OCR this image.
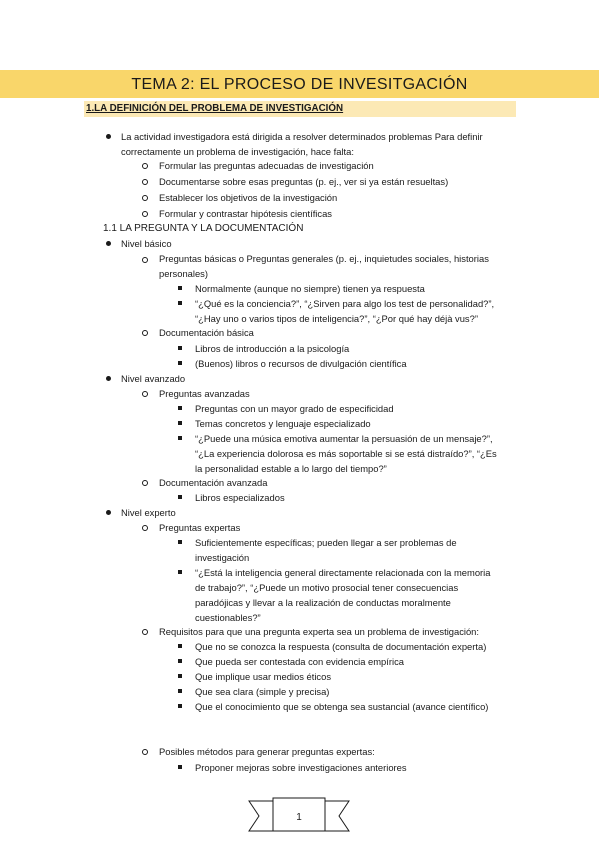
TEMA 2: EL PROCESO DE INVESITGACIÓN
1.LA DEFINICIÓN DEL PROBLEMA DE INVESTIGACIÓN
La actividad investigadora está dirigida a resolver determinados problemas Para definir
correctamente un problema de investigación, hace falta:
Formular las preguntas adecuadas de investigación
Documentarse sobre esas preguntas (p. ej., ver si ya están resueltas)
Establecer los objetivos de la investigación
Formular y contrastar hipótesis científicas
1.1 LA PREGUNTA Y LA DOCUMENTACIÓN
Nivel básico
Preguntas básicas o Preguntas generales (p. ej., inquietudes sociales, historias
personales)
Normalmente (aunque no siempre) tienen ya respuesta
“¿Qué es la conciencia?”, “¿Sirven para algo los test de personalidad?”,
“¿Hay uno o varios tipos de inteligencia?”, “¿Por qué hay déjà vus?”
Documentación básica
Libros de introducción a la psicología
(Buenos) libros o recursos de divulgación científica
Nivel avanzado
Preguntas avanzadas
Preguntas con un mayor grado de especificidad
Temas concretos y lenguaje especializado
“¿Puede una música emotiva aumentar la persuasión de un mensaje?”,
“¿La experiencia dolorosa es más soportable si se está distraído?”, “¿Es
la personalidad estable a lo largo del tiempo?”
Documentación avanzada
Libros especializados
Nivel experto
Preguntas expertas
Suficientemente específicas; pueden llegar a ser problemas de
investigación
“¿Está la inteligencia general directamente relacionada con la memoria
de trabajo?”, “¿Puede un motivo prosocial tener consecuencias
paradójicas y llevar a la realización de conductas moralmente
cuestionables?”
Requisitos para que una pregunta experta sea un problema de investigación:
Que no se conozca la respuesta (consulta de documentación experta)
Que pueda ser contestada con evidencia empírica
Que implique usar medios éticos
Que sea clara (simple y precisa)
Que el conocimiento que se obtenga sea sustancial (avance científico)
Posibles métodos para generar preguntas expertas:
Proponer mejoras sobre investigaciones anteriores
1
